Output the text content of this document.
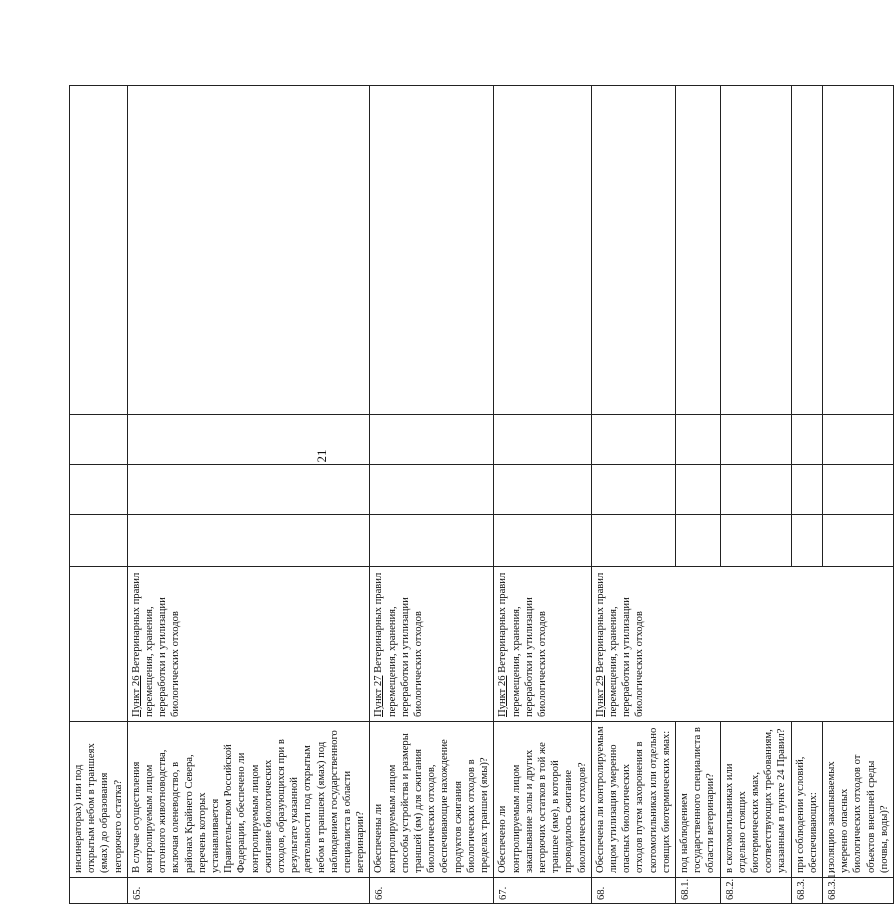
21
	инсинераторах) или под открытым небом в траншеях (ямах) до образования негорючего остатка?					
65.	В случае осуществления контролируемым лицом отгонного животноводства, включая оленеводство, в районах Крайнего Севера, перечень которых устанавливается Правительством Российской Федерации, обеспечено ли контролируемым лицом сжигание биологических отходов, образующихся при в результате указанной деятельности под открытым небом в траншеях (ямах) под наблюдением государственного специалиста в области ветеринарии?	Пункт 26 Ветеринарных правил перемещения, хранения, переработки и утилизации биологических отходов				
66.	Обеспечены ли контролируемым лицом способы устройства и размеры траншей (ям) для сжигания биологических отходов, обеспечивающие нахождение продуктов сжигания биологических отходов в пределах траншеи (ямы)?	Пункт 27 Ветеринарных правил перемещения, хранения, переработки и утилизации биологических отходов				
67.	Обеспечено ли контролируемым лицом закапывание золы и других негорючих остатков в той же траншее (яме), в которой проводилось сжигание биологических отходов?	Пункт 26 Ветеринарных правил перемещения, хранения, переработки и утилизации биологических отходов				
68.	Обеспечена ли контролируемым лицом утилизация умеренно опасных биологических отходов путем захоронения в скотомогильниках или отдельно стоящих биотермических ямах:	Пункт 29 Ветеринарных правил перемещения, хранения, переработки и утилизации биологических отходов				
68.1.	под наблюдением государственного специалиста в области ветеринарии?					
68.2.	в скотомогильниках или отдельно стоящих биотермических ямах, соответствующих требованиям, указанным в пункте 24 Правил?					
68.3.	при соблюдении условий, обеспечивающих:					
68.3.1.	изоляцию закапываемых умеренно опасных биологических отходов от объектов внешней среды (почвы, воды)?					
